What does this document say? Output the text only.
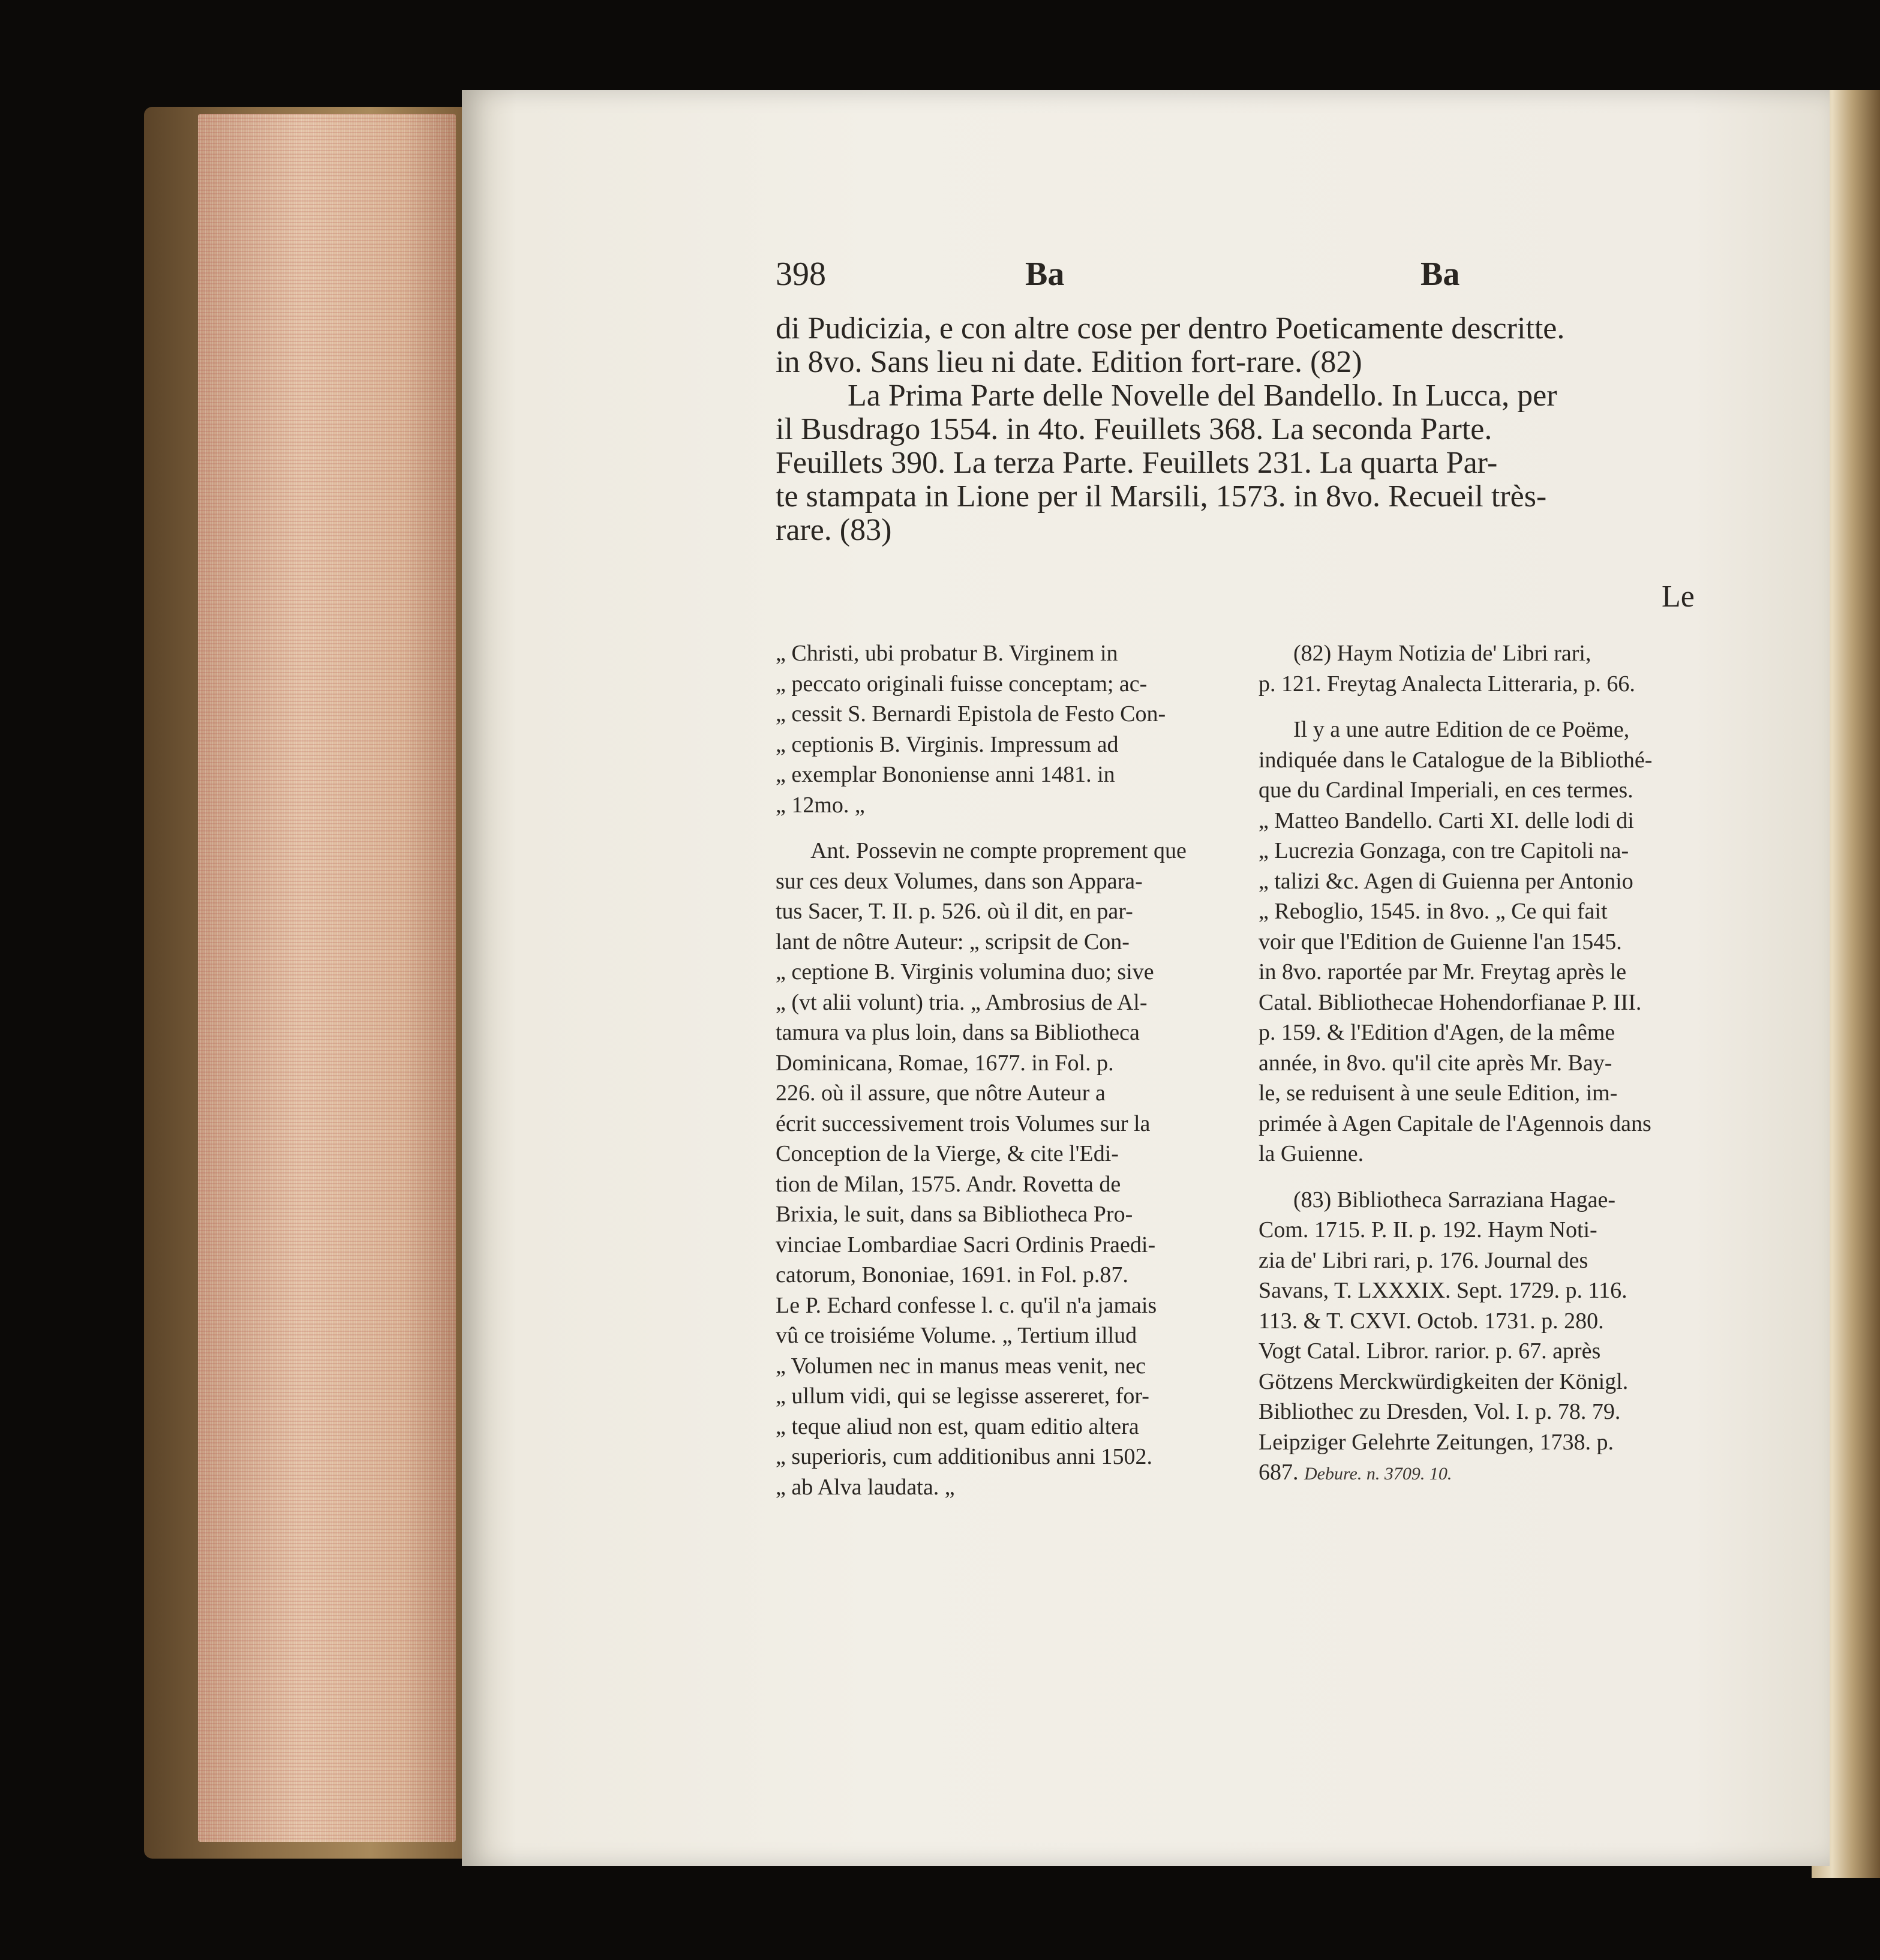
398	Ba	Ba

di Pudicizia, e con altre cose per dentro Poeticamente descritte.

in 8vo. Sans lieu ni date. Edition fort-rare. (82)

La Prima Parte delle Novelle del Bandello. In Lucca, per

il Busdrago 1554. in 4to. Feuillets 368. La seconda Parte.

Feuillets 390. La terza Parte. Feuillets 231. La quarta Par-

te stampata in Lione per il Marsili, 1573. in 8vo. Recueil très-

rare. (83)

Le

„ Christi, ubi probatur B. Virginem in

„ peccato originali fuisse conceptam; ac-

„ cessit S. Bernardi Epistola de Festo Con-

„ ceptionis B. Virginis. Impressum ad

„ exemplar Bononiense anni 1481. in

„ 12mo. „

Ant. Possevin ne compte proprement que

sur ces deux Volumes, dans son Appara-

tus Sacer, T. II. p. 526. où il dit, en par-

lant de nôtre Auteur: „ scripsit de Con-

„ ceptione B. Virginis volumina duo; sive

„ (vt alii volunt) tria. „ Ambrosius de Al-

tamura va plus loin, dans sa Bibliotheca

Dominicana, Romae, 1677. in Fol. p.

226. où il assure, que nôtre Auteur a

écrit successivement trois Volumes sur la

Conception de la Vierge, & cite l'Edi-

tion de Milan, 1575. Andr. Rovetta de

Brixia, le suit, dans sa Bibliotheca Pro-

vinciae Lombardiae Sacri Ordinis Praedi-

catorum, Bononiae, 1691. in Fol. p.87.

Le P. Echard confesse l. c. qu'il n'a jamais

vû ce troisiéme Volume. „ Tertium illud

„ Volumen nec in manus meas venit, nec

„ ullum vidi, qui se legisse assereret, for-

„ teque aliud non est, quam editio altera

„ superioris, cum additionibus anni 1502.

„ ab Alva laudata. „

(82) Haym Notizia de' Libri rari,

p. 121. Freytag Analecta Litteraria, p. 66.

Il y a une autre Edition de ce Poëme,

indiquée dans le Catalogue de la Bibliothé-

que du Cardinal Imperiali, en ces termes.

„ Matteo Bandello. Carti XI. delle lodi di

„ Lucrezia Gonzaga, con tre Capitoli na-

„ talizi &c. Agen di Guienna per Antonio

„ Reboglio, 1545. in 8vo. „ Ce qui fait

voir que l'Edition de Guienne l'an 1545.

in 8vo. raportée par Mr. Freytag après le

Catal. Bibliothecae Hohendorfianae P. III.

p. 159. & l'Edition d'Agen, de la même

année, in 8vo. qu'il cite après Mr. Bay-

le, se reduisent à une seule Edition, im-

primée à Agen Capitale de l'Agennois dans

la Guienne.

(83) Bibliotheca Sarraziana Hagae-

Com. 1715. P. II. p. 192. Haym Noti-

zia de' Libri rari, p. 176. Journal des

Savans, T. LXXXIX. Sept. 1729. p. 116.

113. & T. CXVI. Octob. 1731. p. 280.

Vogt Catal. Libror. rarior. p. 67. après

Götzens Merckwürdigkeiten der Königl.

Bibliothec zu Dresden, Vol. I. p. 78. 79.

Leipziger Gelehrte Zeitungen, 1738. p.

687. Debure. n. 3709. 10.
